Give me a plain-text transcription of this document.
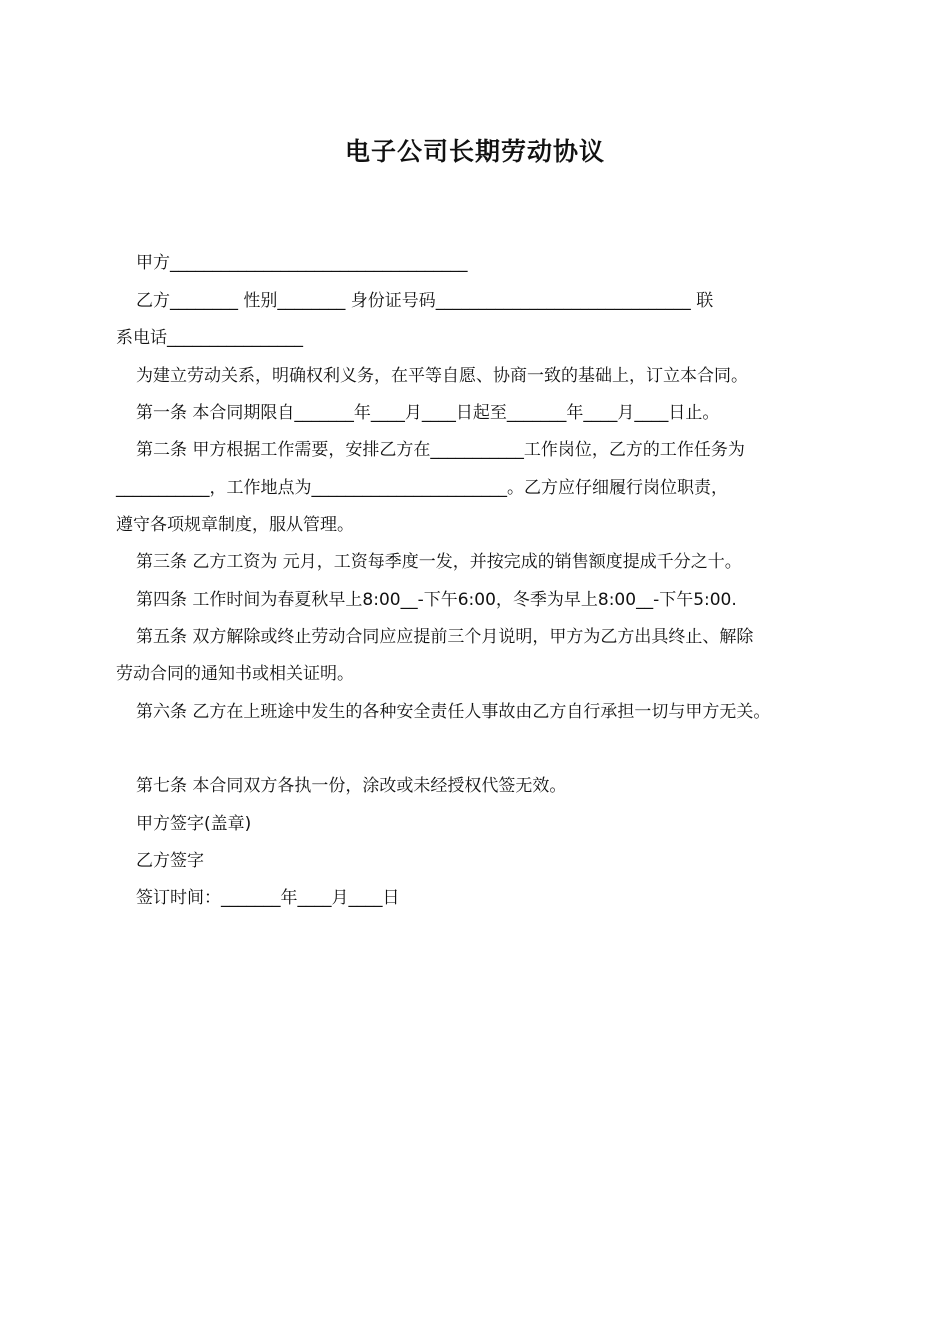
电子公司长期劳动协议
甲方___________________________________
乙方________ 性别________ 身份证号码______________________________ 联
系电话________________
为建立劳动关系，明确权利义务，在平等自愿、协商一致的基础上，订立本合同。
第一条 本合同期限自_______年____月____日起至_______年____月____日止。
第二条 甲方根据工作需要，安排乙方在___________工作岗位，乙方的工作任务为
___________，工作地点为_______________________。乙方应仔细履行岗位职责，
遵守各项规章制度，服从管理。
第三条 乙方工资为 元月，工资每季度一发，并按完成的销售额度提成千分之十。
第四条 工作时间为春夏秋早上8:00__-下午6:00，冬季为早上8:00__-下午5:00.
第五条 双方解除或终止劳动合同应应提前三个月说明，甲方为乙方出具终止、解除
劳动合同的通知书或相关证明。
第六条 乙方在上班途中发生的各种安全责任人事故由乙方自行承担一切与甲方无关。
第七条 本合同双方各执一份，涂改或未经授权代签无效。
甲方签字(盖章)
乙方签字
签订时间：_______年____月____日
